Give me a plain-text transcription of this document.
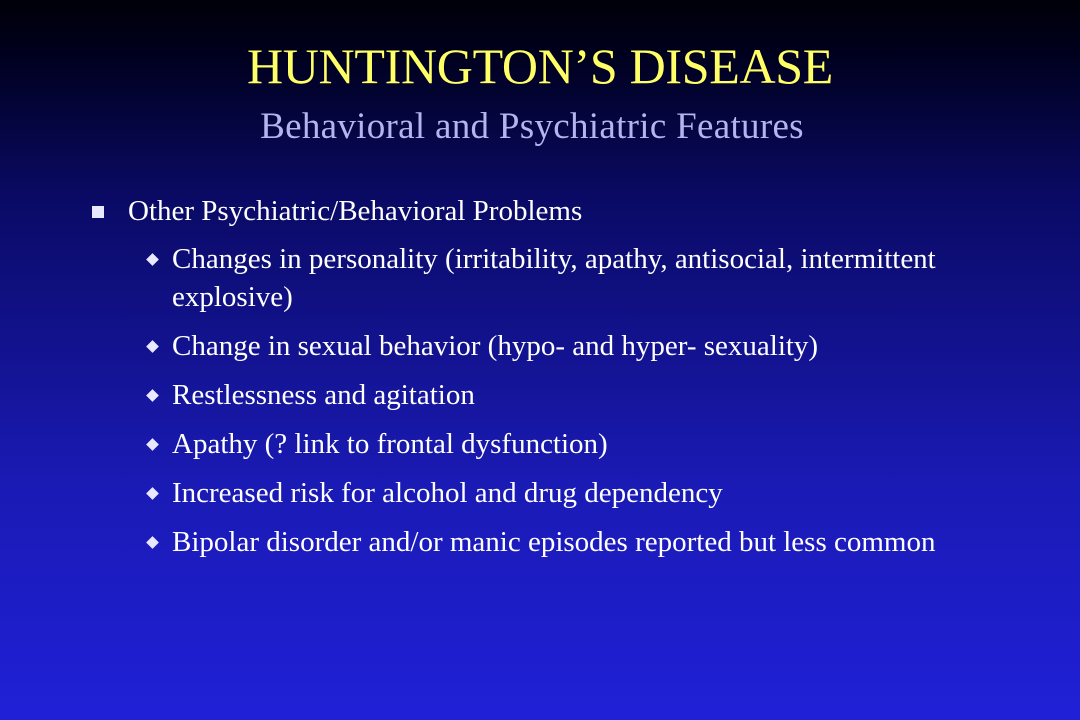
HUNTINGTON’S DISEASE
Behavioral and Psychiatric Features
Other Psychiatric/Behavioral Problems
Changes in personality (irritability, apathy, antisocial, intermittent explosive)
Change in sexual behavior (hypo- and hyper- sexuality)
Restlessness and agitation
Apathy (? link to frontal dysfunction)
Increased risk for alcohol and drug dependency
Bipolar disorder and/or manic episodes reported but less common
